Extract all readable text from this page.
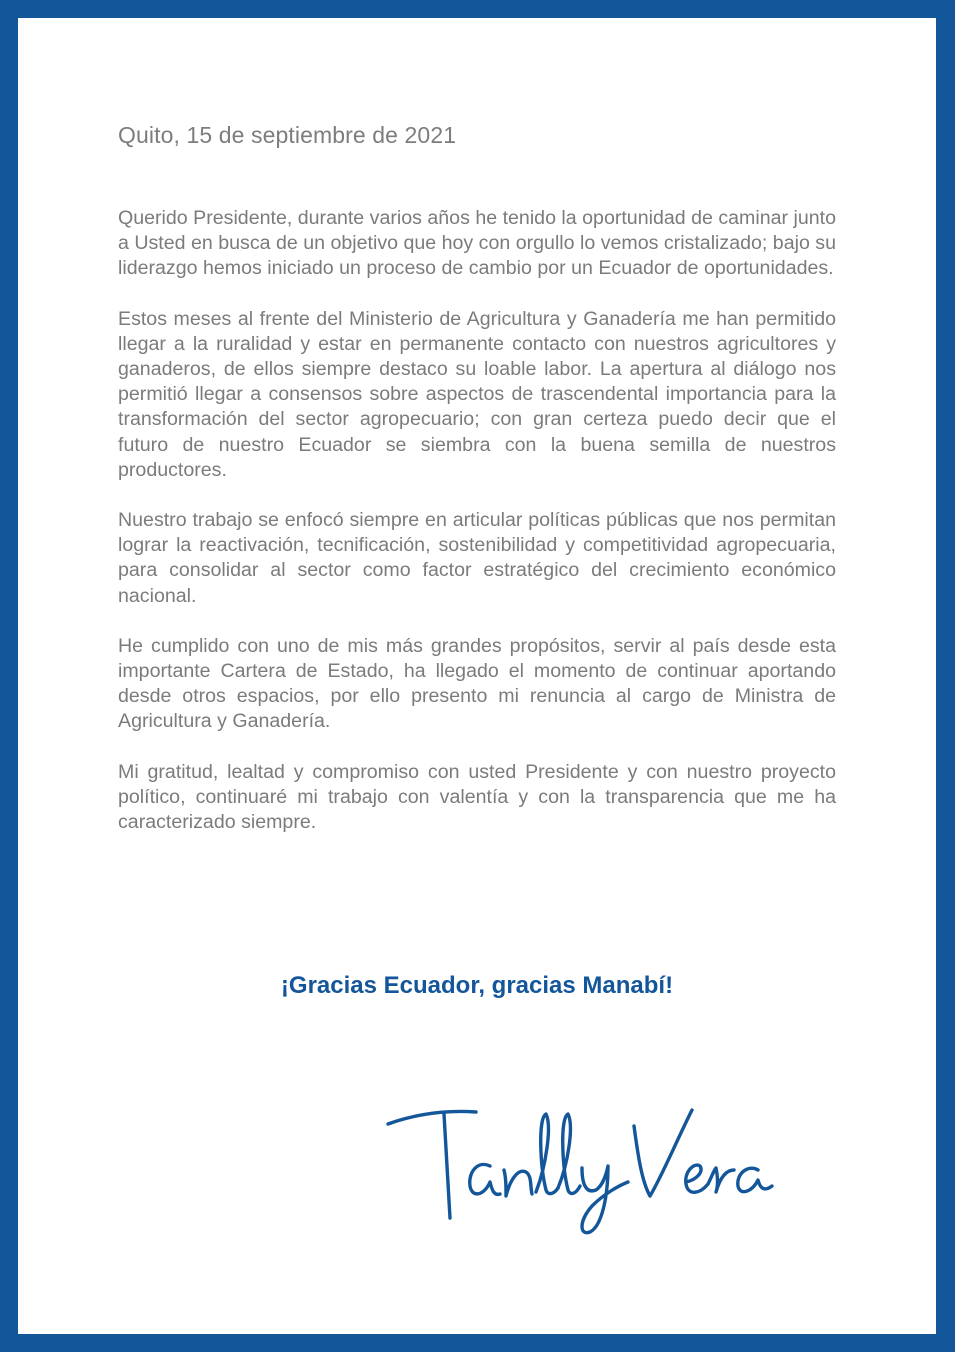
Quito, 15 de septiembre de 2021

Querido Presidente, durante varios años he tenido la oportunidad de caminar junto a Usted en busca de un objetivo que hoy con orgullo lo vemos cristalizado; bajo su liderazgo hemos iniciado un proceso de cambio por un Ecuador de oportunidades.

Estos meses al frente del Ministerio de Agricultura y Ganadería me han permitido llegar a la ruralidad y estar en permanente contacto con nuestros agricultores y ganaderos, de ellos siempre destaco su loable labor. La apertura al diálogo nos permitió llegar a consensos sobre aspectos de trascendental importancia para la transformación del sector agropecuario; con gran certeza puedo decir que el futuro de nuestro Ecuador se siembra con la buena semilla de nuestros productores.

Nuestro trabajo se enfocó siempre en articular políticas públicas que nos permitan lograr la reactivación, tecnificación, sostenibilidad y competitividad agropecuaria, para consolidar al sector como factor estratégico del crecimiento económico nacional.

He cumplido con uno de mis más grandes propósitos, servir al país desde esta importante Cartera de Estado, ha llegado el momento de continuar aportando desde otros espacios, por ello presento mi renuncia al cargo de Ministra de Agricultura y Ganadería.

Mi gratitud, lealtad y compromiso con usted Presidente y con nuestro proyecto político, continuaré mi trabajo con valentía y con la transparencia que me ha caracterizado siempre.

¡Gracias Ecuador, gracias Manabí!
